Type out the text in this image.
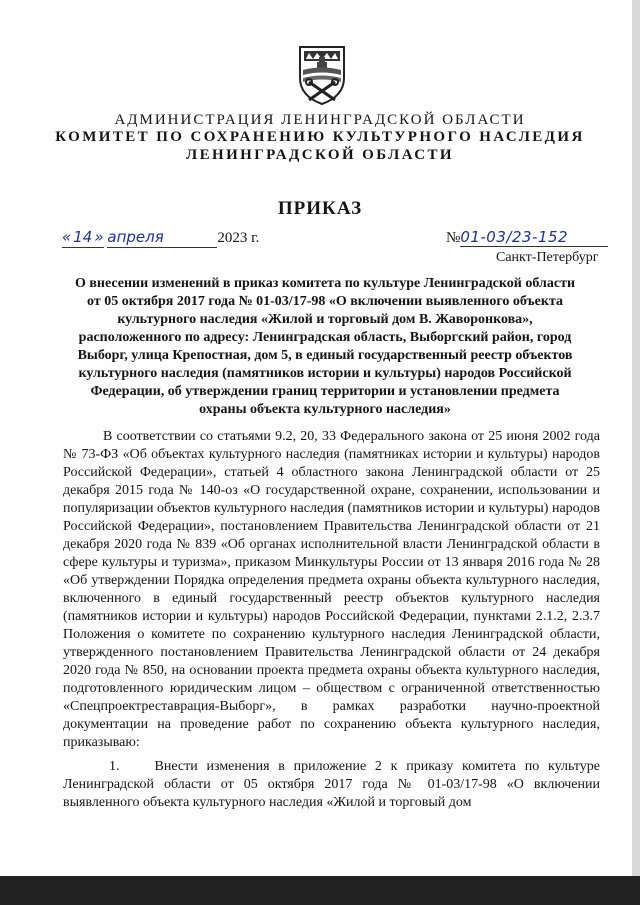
АДМИНИСТРАЦИЯ ЛЕНИНГРАДСКОЙ ОБЛАСТИ
КОМИТЕТ ПО СОХРАНЕНИЮ КУЛЬТУРНОГО НАСЛЕДИЯ
ЛЕНИНГРАДСКОЙ ОБЛАСТИ
ПРИКАЗ
« 14 » апреля	2023 г.	№01-03/23-152
Санкт-Петербург
О внесении изменений в приказ комитета по культуре Ленинградской области от 05 октября 2017 года № 01-03/17-98 «О включении выявленного объекта культурного наследия «Жилой и торговый дом В. Жаворонкова», расположенного по адресу: Ленинградская область, Выборгский район, город Выборг, улица Крепостная, дом 5, в единый государственный реестр объектов культурного наследия (памятников истории и культуры) народов Российской Федерации, об утверждении границ территории и установлении предмета охраны объекта культурного наследия»
В соответствии со статьями 9.2, 20, 33 Федерального закона от 25 июня 2002 года № 73-ФЗ «Об объектах культурного наследия (памятниках истории и культуры) народов Российской Федерации», статьей 4 областного закона Ленинградской области от 25 декабря 2015 года № 140-оз «О государственной охране, сохранении, использовании и популяризации объектов культурного наследия (памятников истории и культуры) народов Российской Федерации», постановлением Правительства Ленинградской области от 21 декабря 2020 года № 839 «Об органах исполнительной власти Ленинградской области в сфере культуры и туризма», приказом Минкультуры России от 13 января 2016 года № 28 «Об утверждении Порядка определения предмета охраны объекта культурного наследия, включенного в единый государственный реестр объектов культурного наследия (памятников истории и культуры) народов Российской Федерации, пунктами 2.1.2, 2.3.7 Положения о комитете по сохранению культурного наследия Ленинградской области, утвержденного постановлением Правительства Ленинградской области от 24 декабря 2020 года № 850, на основании проекта предмета охраны объекта культурного наследия, подготовленного юридическим лицом – обществом с ограниченной ответственностью «Спецпроектреставрация-Выборг», в рамках разработки научно-проектной документации на проведение работ по сохранению объекта культурного наследия, приказываю:
1.    Внести изменения в приложение 2 к приказу комитета по культуре Ленинградской области от 05 октября 2017 года № 01-03/17-98 «О включении выявленного объекта культурного наследия «Жилой и торговый дом
